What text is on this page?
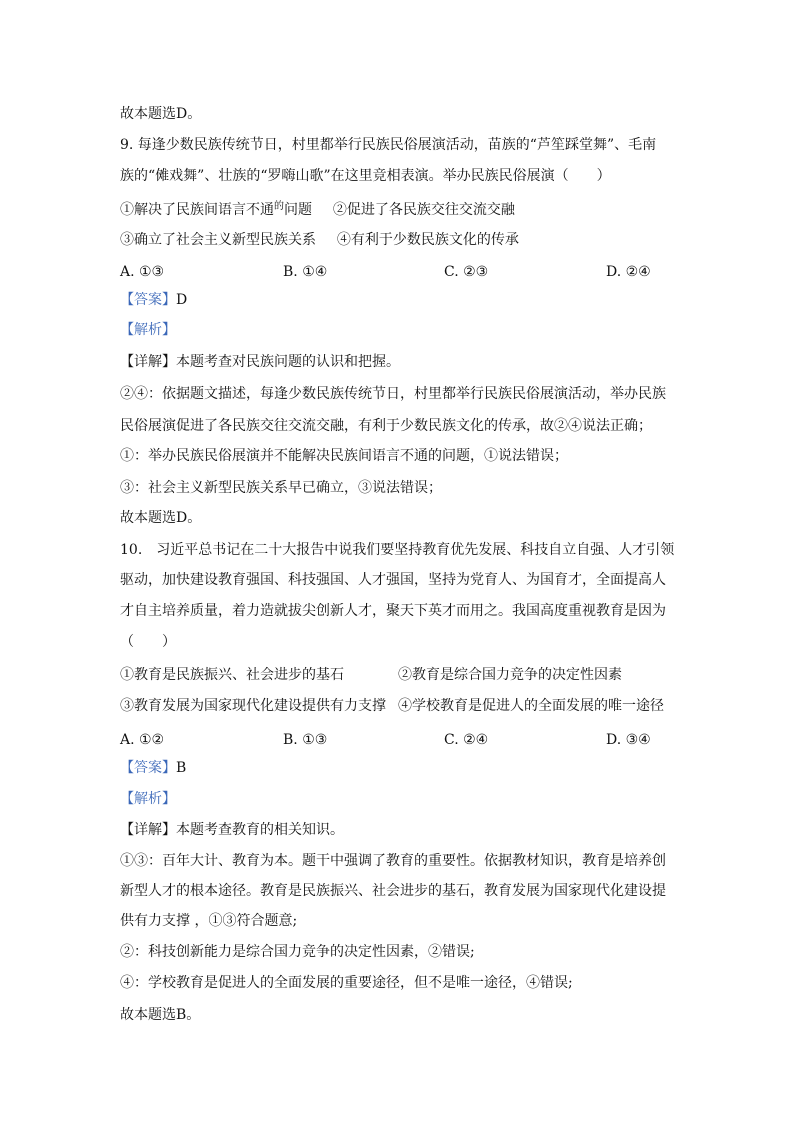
故本题选D。
9. 每逢少数民族传统节日，村里都举行民族民俗展演活动，苗族的“芦笙踩堂舞”、毛南
族的“傩戏舞”、壮族的“罗嗨山歌”在这里竞相表演。举办民族民俗展演（　　）
①解决了民族间语言不通$^的$问题 ②促进了各民族交往交流交融
③确立了社会主义新型民族关系 ④有利于少数民族文化的传承
A. ①③	B. ①④	C. ②③	D. ②④
【答案】D
【解析】
【详解】本题考查对民族问题的认识和把握。
②④：依据题文描述，每逢少数民族传统节日，村里都举行民族民俗展演活动，举办民族
民俗展演促进了各民族交往交流交融，有利于少数民族文化的传承，故②④说法正确；
①：举办民族民俗展演并不能解决民族间语言不通的问题，①说法错误；
③：社会主义新型民族关系早已确立，③说法错误；
故本题选D。
10.　习近平总书记在二十大报告中说我们要坚持教育优先发展、科技自立自强、人才引领
驱动，加快建设教育强国、科技强国、人才强国，坚持为党育人、为国育才，全面提高人
才自主培养质量，着力造就拔尖创新人才，聚天下英才而用之。我国高度重视教育是因为
（　　）
①教育是民族振兴、社会进步的基石	②教育是综合国力竞争的决定性因素
③教育发展为国家现代化建设提供有力支撑 ④学校教育是促进人的全面发展的唯一途径
A. ①②	B. ①③	C. ②④	D. ③④
【答案】B
【解析】
【详解】本题考查教育的相关知识。
①③：百年大计、教育为本。题干中强调了教育的重要性。依据教材知识，教育是培养创
新型人才的根本途径。教育是民族振兴、社会进步的基石，教育发展为国家现代化建设提
供有力支撑 ，①③符合题意;
②：科技创新能力是综合国力竞争的决定性因素，②错误;
④：学校教育是促进人的全面发展的重要途径，但不是唯一途径，④错误;
故本题选B。
